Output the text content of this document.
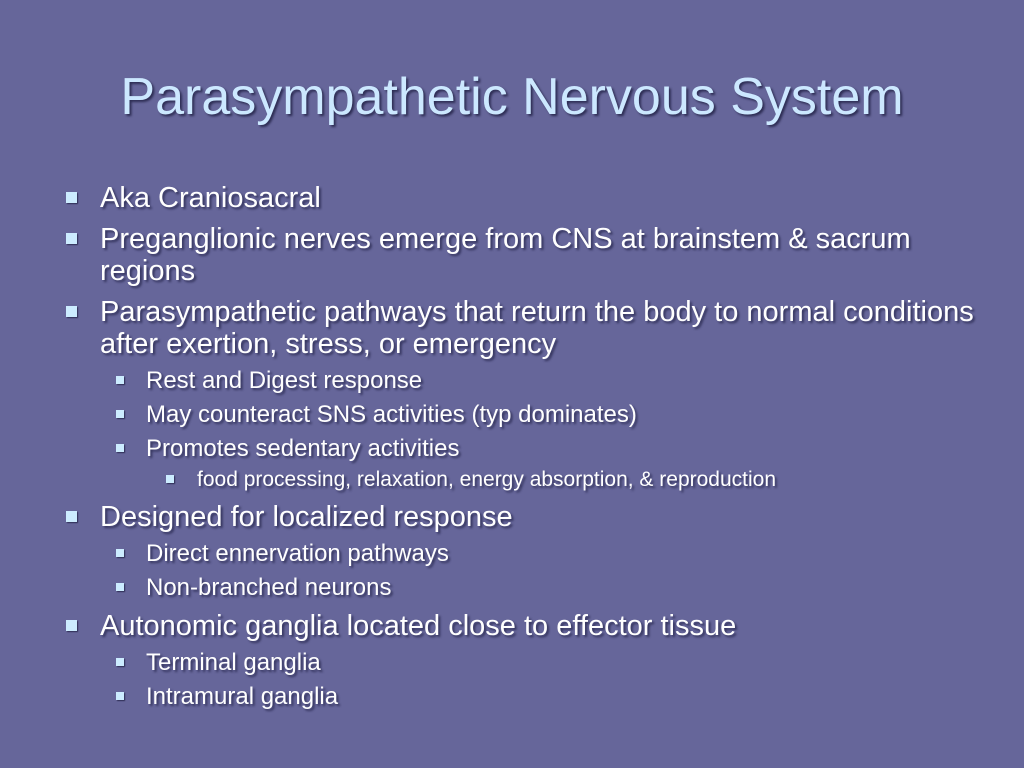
Parasympathetic Nervous System
Aka Craniosacral
Preganglionic nerves emerge from CNS at brainstem & sacrum regions
Parasympathetic pathways that return the body to normal conditions after exertion, stress, or emergency
Rest and Digest response
May counteract SNS activities (typ dominates)
Promotes sedentary activities
food processing, relaxation, energy absorption, & reproduction
Designed for localized response
Direct ennervation pathways
Non-branched neurons
Autonomic ganglia located close to effector tissue
Terminal ganglia
Intramural ganglia
